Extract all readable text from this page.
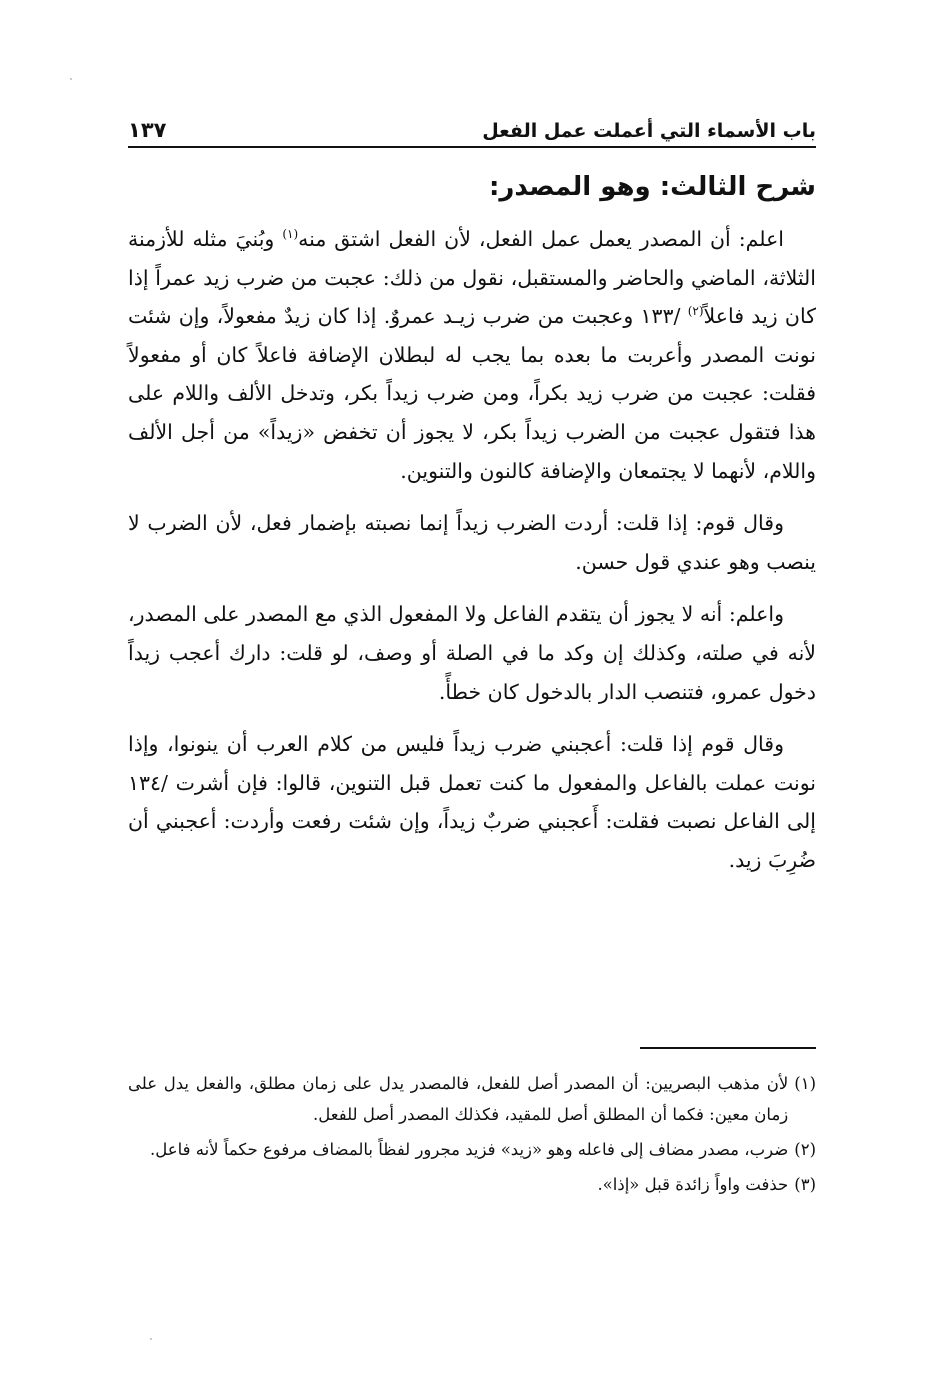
باب الأسماء التي أعملت عمل الفعل
١٣٧
شرح الثالث: وهو المصدر:

اعلم: أن المصدر يعمل عمل الفعل، لأن الفعل اشتق منه$^{(١)}$ وبُنيَ مثله للأزمنة الثلاثة، الماضي والحاضر والمستقبل، نقول من ذلك: عجبت من ضرب زيد عمراً إذا كان زيد فاعلاً$^{(٢)}$ /١٣٣ وعجبت من ضرب زيـد عمروٌ. إذا كان زيدٌ مفعولاً، وإن شئت نونت المصدر وأعربت ما بعده بما يجب له لبطلان الإضافة فاعلاً كان أو مفعولاً فقلت: عجبت من ضرب زيد بكراً، ومن ضرب زيداً بكر، وتدخل الألف واللام على هذا فتقول عجبت من الضرب زيداً بكر، لا يجوز أن تخفض «زيداً» من أجل الألف واللام، لأنهما لا يجتمعان والإضافة كالنون والتنوين.

وقال قوم: إذا قلت: أردت الضرب زيداً إنما نصبته بإضمار فعل، لأن الضرب لا ينصب وهو عندي قول حسن.

واعلم: أنه لا يجوز أن يتقدم الفاعل ولا المفعول الذي مع المصدر على المصدر، لأنه في صلته، وكذلك إن وكد ما في الصلة أو وصف، لو قلت: دارك أعجب زيداً دخول عمرو، فتنصب الدار بالدخول كان خطأً.

وقال قوم إذا قلت: أعجبني ضرب زيداً فليس من كلام العرب أن ينونوا، وإذا نونت عملت بالفاعل والمفعول ما كنت تعمل قبل التنوين، قالوا: فإن أشرت /١٣٤ إلى الفاعل نصبت فقلت: أَعجبني ضربٌ زيداً، وإن شئت رفعت وأردت: أعجبني أن ضُرِبَ زيد.

(١)
لأن مذهب البصريين: أن المصدر أصل للفعل، فالمصدر يدل على زمان مطلق، والفعل يدل على زمان معين: فكما أن المطلق أصل للمقيد، فكذلك المصدر أصل للفعل.
(٢)
ضرب، مصدر مضاف إلى فاعله وهو «زيد» فزيد مجرور لفظاً بالمضاف مرفوع حكماً لأنه فاعل.
(٣)
حذفت واواً زائدة قبل «إذا».
